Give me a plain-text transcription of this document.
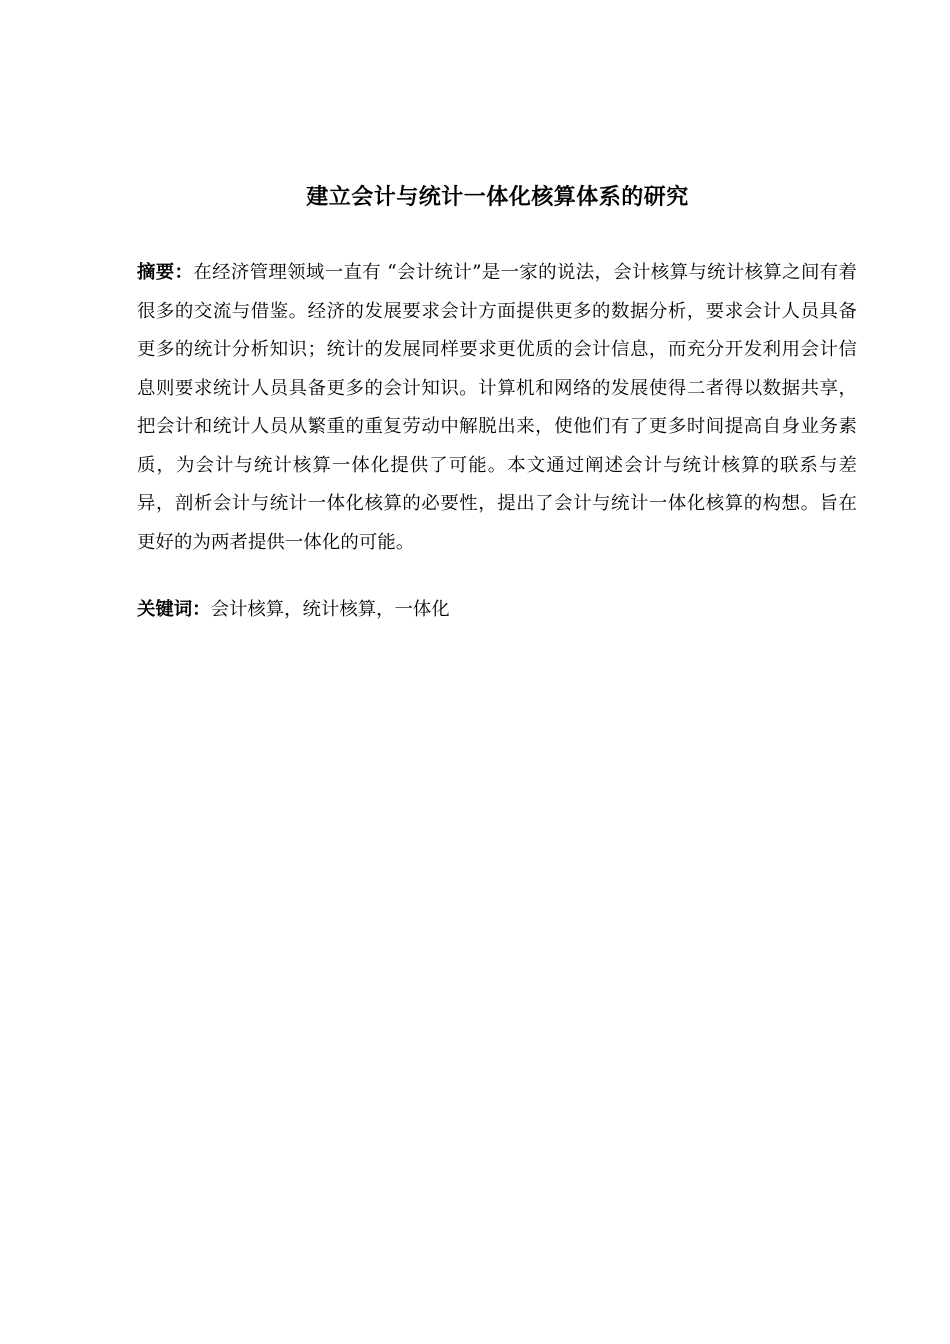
建立会计与统计一体化核算体系的研究

摘要：在经济管理领域一直有 “会计统计”是一家的说法，会计核算与统计核算之间有着很多的交流与借鉴。经济的发展要求会计方面提供更多的数据分析，要求会计人员具备更多的统计分析知识；统计的发展同样要求更优质的会计信息，而充分开发利用会计信息则要求统计人员具备更多的会计知识。计算机和网络的发展使得二者得以数据共享，把会计和统计人员从繁重的重复劳动中解脱出来，使他们有了更多时间提高自身业务素质，为会计与统计核算一体化提供了可能。本文通过阐述会计与统计核算的联系与差异，剖析会计与统计一体化核算的必要性，提出了会计与统计一体化核算的构想。旨在更好的为两者提供一体化的可能。

关键词：会计核算，统计核算，一体化
